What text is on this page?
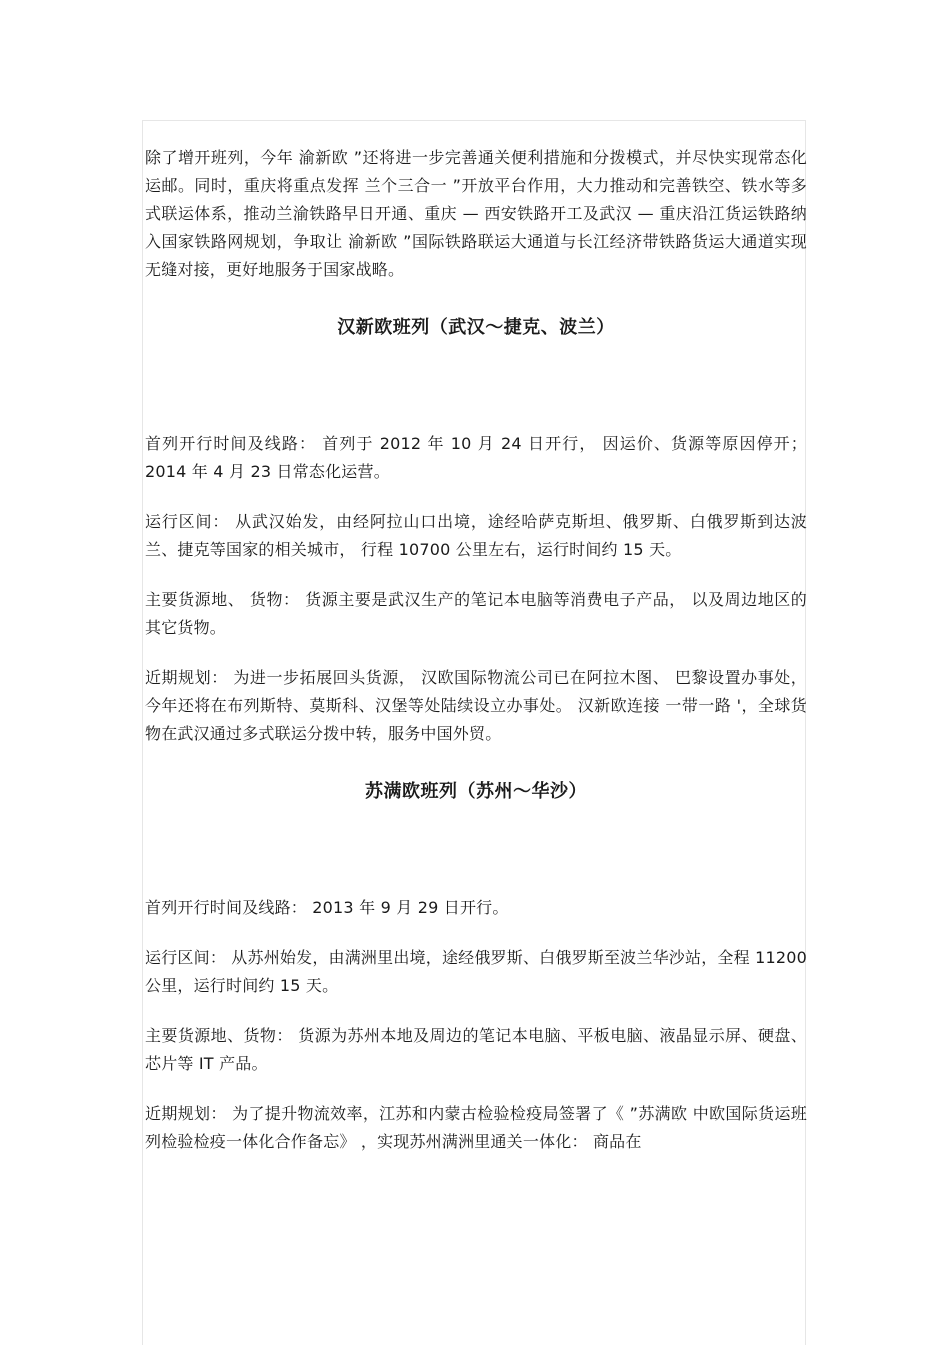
除了增开班列，今年 渝新欧 ”还将进一步完善通关便利措施和分拨模式，并尽快实现常态化运邮。同时，重庆将重点发挥 兰个三合一 ”开放平台作用，大力推动和完善铁空、铁水等多式联运体系，推动兰渝铁路早日开通、重庆 — 西安铁路开工及武汉 — 重庆沿江货运铁路纳入国家铁路网规划，争取让 渝新欧 ”国际铁路联运大通道与长江经济带铁路货运大通道实现无缝对接，更好地服务于国家战略。

汉新欧班列（武汉～捷克、波兰）

首列开行时间及线路： 首列于 2012 年 10 月 24 日开行， 因运价、货源等原因停开；2014 年 4 月 23 日常态化运营。

运行区间： 从武汉始发，由经阿拉山口出境，途经哈萨克斯坦、俄罗斯、白俄罗斯到达波兰、捷克等国家的相关城市， 行程 10700 公里左右，运行时间约 15 天。

主要货源地、 货物： 货源主要是武汉生产的笔记本电脑等消费电子产品， 以及周边地区的其它货物。

近期规划： 为进一步拓展回头货源， 汉欧国际物流公司已在阿拉木图、 巴黎设置办事处，今年还将在布列斯特、莫斯科、汉堡等处陆续设立办事处。 汉新欧连接 一带一路 '，全球货物在武汉通过多式联运分拨中转，服务中国外贸。

苏满欧班列（苏州～华沙）

首列开行时间及线路： 2013 年 9 月 29 日开行。

运行区间： 从苏州始发，由满洲里出境，途经俄罗斯、白俄罗斯至波兰华沙站，全程 11200 公里，运行时间约 15 天。

主要货源地、货物： 货源为苏州本地及周边的笔记本电脑、平板电脑、液晶显示屏、硬盘、芯片等 IT 产品。

近期规划： 为了提升物流效率，江苏和内蒙古检验检疫局签署了《 ”苏满欧 中欧国际货运班列检验检疫一体化合作备忘》 ，实现苏州满洲里通关一体化： 商品在
